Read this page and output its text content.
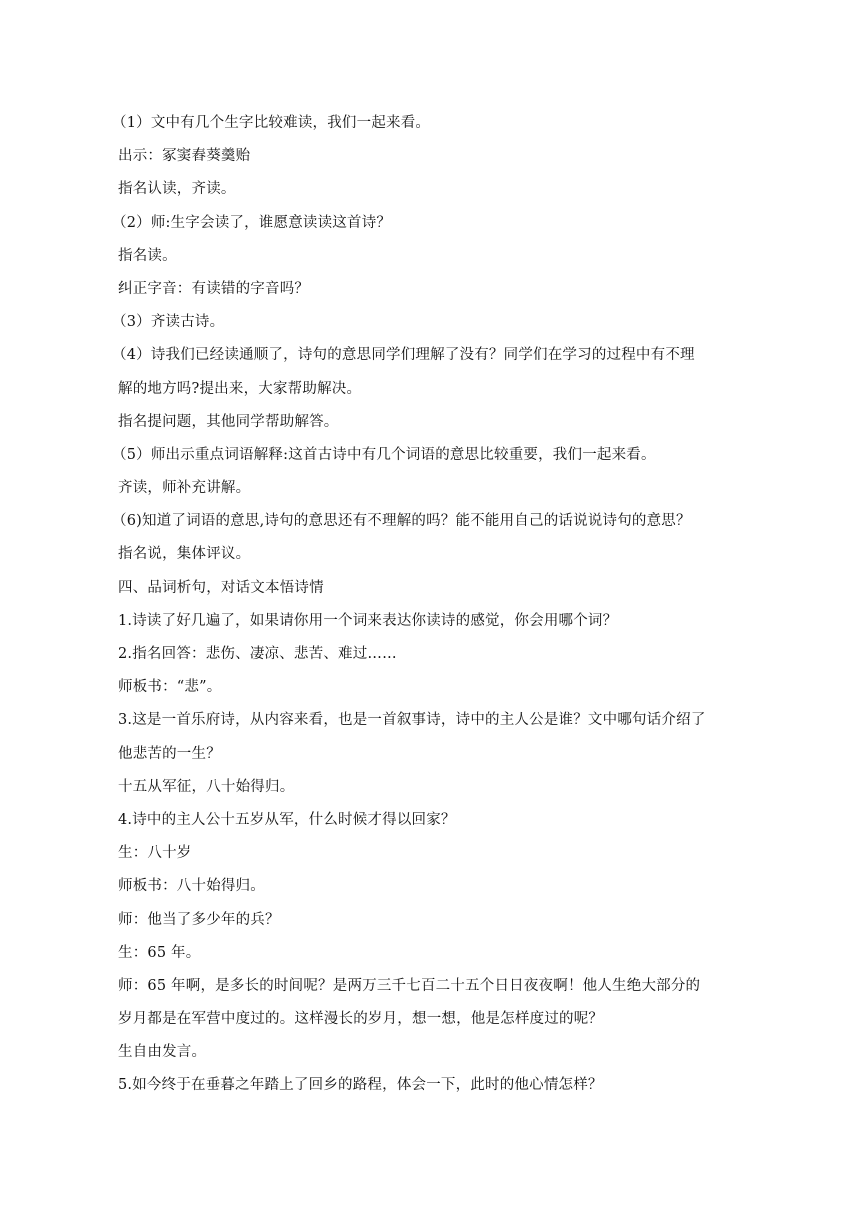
（1）文中有几个生字比较难读，我们一起来看。
出示：冢窦舂葵羹贻
指名认读，齐读。
（2）师:生字会读了，谁愿意读读这首诗？
指名读。
纠正字音：有读错的字音吗？
（3）齐读古诗。
（4）诗我们已经读通顺了，诗句的意思同学们理解了没有？同学们在学习的过程中有不理
解的地方吗?提出来，大家帮助解决。
指名提问题，其他同学帮助解答。
（5）师出示重点词语解释:这首古诗中有几个词语的意思比较重要，我们一起来看。
齐读，师补充讲解。
（6)知道了词语的意思,诗句的意思还有不理解的吗？能不能用自己的话说说诗句的意思？
指名说，集体评议。
四、品词析句，对话文本悟诗情
1.诗读了好几遍了，如果请你用一个词来表达你读诗的感觉，你会用哪个词？
2.指名回答：悲伤、凄凉、悲苦、难过……
师板书：“悲”。
3.这是一首乐府诗，从内容来看，也是一首叙事诗，诗中的主人公是谁？文中哪句话介绍了
他悲苦的一生？
十五从军征，八十始得归。
4.诗中的主人公十五岁从军，什么时候才得以回家？
生：八十岁
师板书：八十始得归。
师：他当了多少年的兵？
生：65 年。
师：65 年啊，是多长的时间呢？是两万三千七百二十五个日日夜夜啊！他人生绝大部分的
岁月都是在军营中度过的。这样漫长的岁月，想一想，他是怎样度过的呢？
生自由发言。
5.如今终于在垂暮之年踏上了回乡的路程，体会一下，此时的他心情怎样？
